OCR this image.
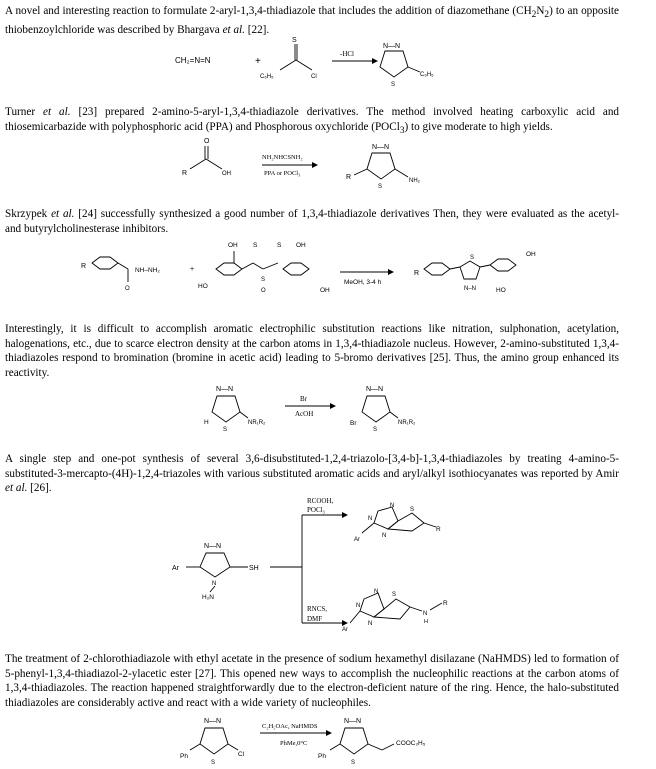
A novel and interesting reaction to formulate 2-aryl-1,3,4-thiadiazole that includes the addition of diazomethane $(CH_2N_2)$ to an opposite thiobenzoylchloride was described by Bhargava et al. [22].

CH₂=N=N	+
S
C₆H₅	Cl
-HCl
N—N
S
C₆H₅

Turner et al. [23] prepared 2-amino-5-aryl-1,3,4-thiadiazole derivatives. The method involved heating carboxylic acid and thiosemicarbazide with polyphosphoric acid (PPA) and Phosphorous oxychloride (POCl$_3$) to give moderate to high yields.

O
R	OH
NH₂NHCSNH₂
PPA or POCl₃
N—N
R
S
NH₂

Skrzypek et al. [24] successfully synthesized a good number of 1,3,4-thiadiazole derivatives Then, they were evaluated as the acetyl- and butyrylcholinesterase inhibitors.

R
O
NH–NH₂	+
OH S	S OH
HO
S
O	OH
MeOH, 3-4 h
R
S
N–N
OH
HO

Interestingly, it is difficult to accomplish aromatic electrophilic substitution reactions like nitration, sulphonation, acetylation, halogenations, etc., due to scarce electron density at the carbon atoms in 1,3,4-thiadiazole nucleus. However, 2-amino-substituted 1,3,4-thiadiazoles respond to bromination (bromine in acetic acid) leading to 5-bromo derivatives [25]. Thus, the amino group enhanced its reactivity.

N—N
H
S
NR₁R₂
Br
AcOH
N—N
Br
S
NR₁R₂

A single step and one-pot synthesis of several 3,6-disubstituted-1,2,4-triazolo-[3,4-b]-1,3,4-thiadiazoles by treating 4-amino-5-substituted-3-mercapto-(4H)-1,2,4-triazoles with various substituted aromatic acids and aryl/alkyl isothiocyanates was reported by Amir et al. [26].

RCOOH,
POCl₃
N
N
N
S
R
Ar
N—N
Ar	SH
N
H₂N
RNCS,
DMF
N
N
N
S
N
H
R
Ar

The treatment of 2-chlorothiadiazole with ethyl acetate in the presence of sodium hexamethyl disilazane (NaHMDS) led to formation of 5-phenyl-1,3,4-thiadiazol-2-ylacetic ester [27]. This opened new ways to accomplish the nucleophilic reactions at the carbon atoms of 1,3,4-thiadiazoles. The reaction happened straightforwardly due to the electron-deficient nature of the ring. Hence, the halo-substituted thiadiazoles are considerably active and react with a wide variety of nucleophiles.

N—N
Ph
S
Cl
C₂H₅OAc, NaHMDS
PhMe,0°C
N—N
Ph
S
COOC₂H₅
